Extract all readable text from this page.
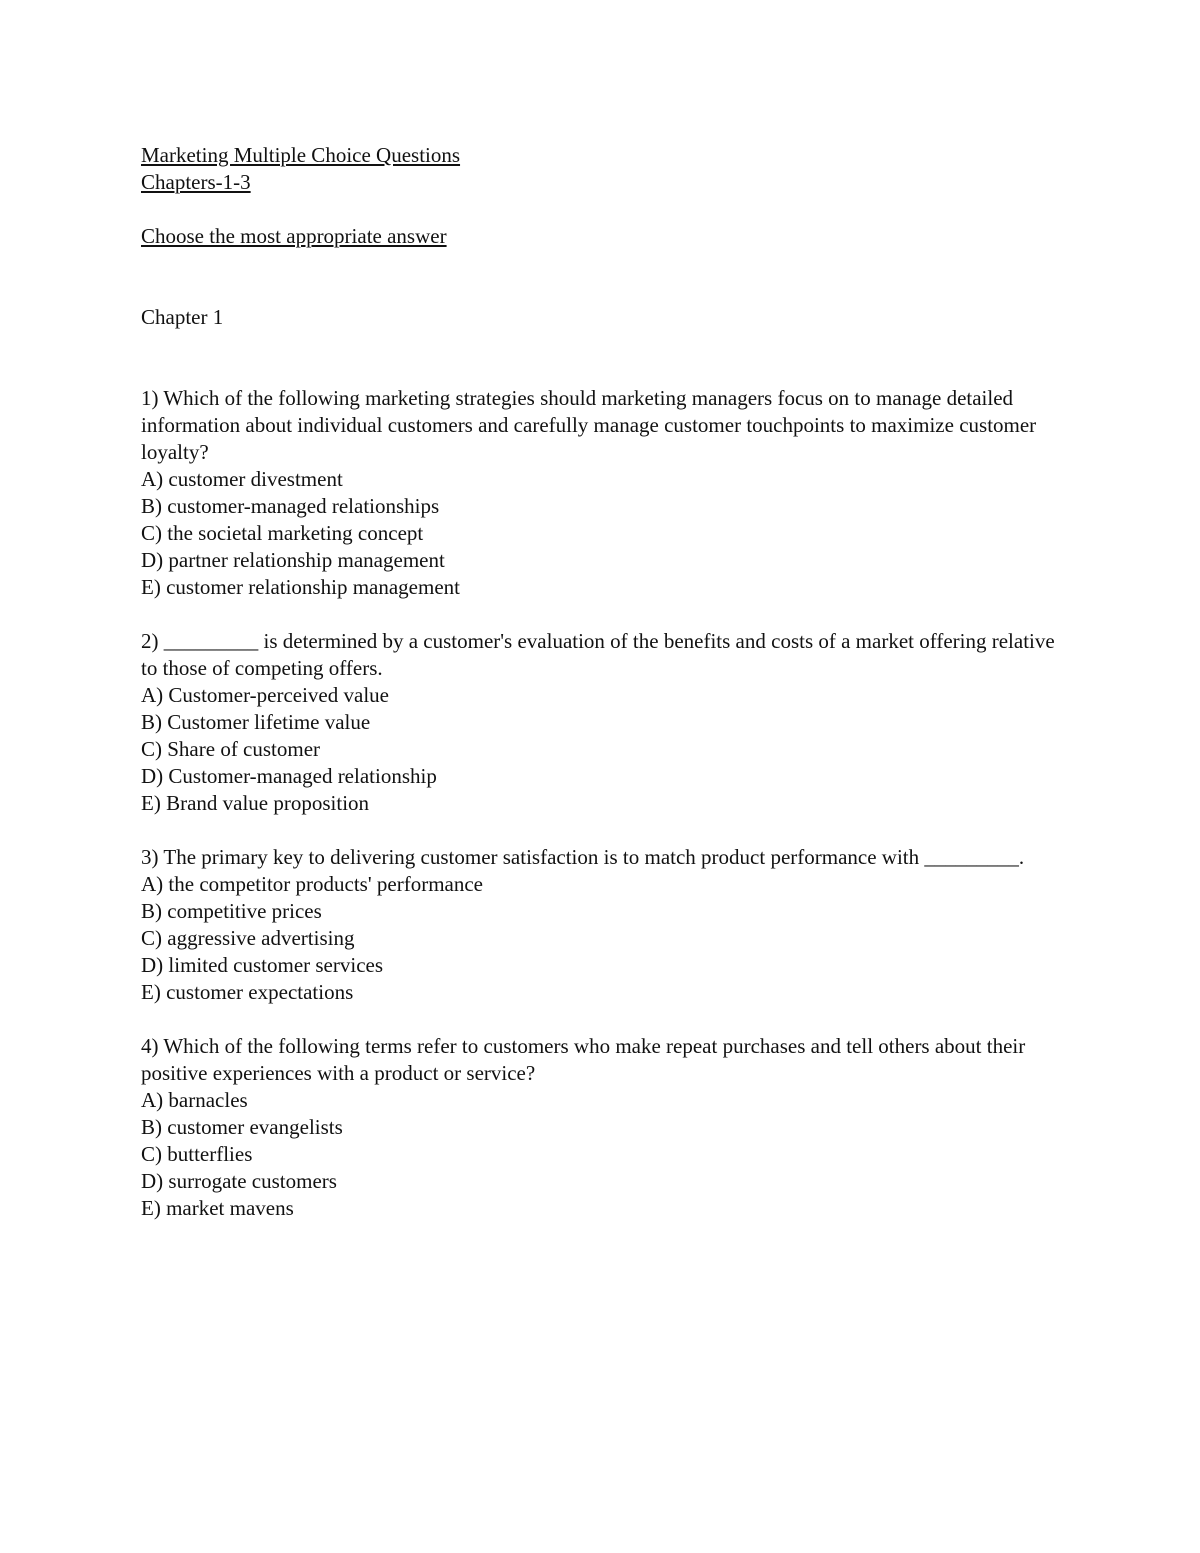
Marketing Multiple Choice Questions
Chapters-1-3
Choose the most appropriate answer
Chapter 1
1) Which of the following marketing strategies should marketing managers focus on to manage detailed information about individual customers and carefully manage customer touchpoints to maximize customer loyalty?
A) customer divestment
B) customer-managed relationships
C) the societal marketing concept
D) partner relationship management
E) customer relationship management
2) _________ is determined by a customer's evaluation of the benefits and costs of a market offering relative to those of competing offers.
A) Customer-perceived value
B) Customer lifetime value
C) Share of customer
D) Customer-managed relationship
E) Brand value proposition
3) The primary key to delivering customer satisfaction is to match product performance with _________.
A) the competitor products' performance
B) competitive prices
C) aggressive advertising
D) limited customer services
E) customer expectations
4) Which of the following terms refer to customers who make repeat purchases and tell others about their positive experiences with a product or service?
A) barnacles
B) customer evangelists
C) butterflies
D) surrogate customers
E) market mavens
